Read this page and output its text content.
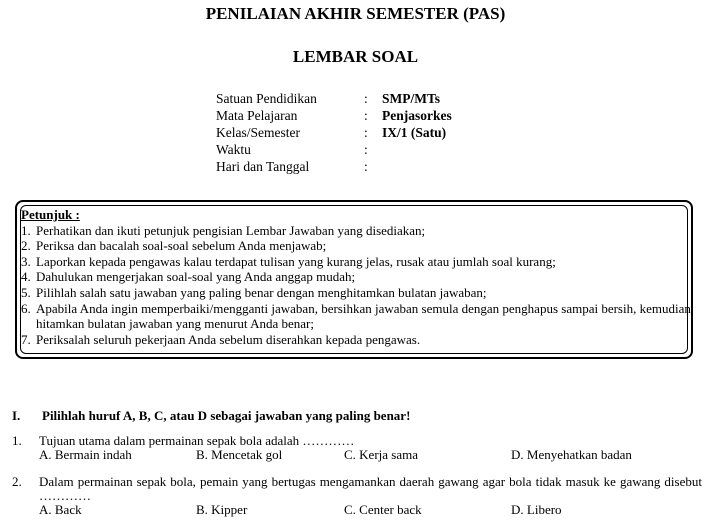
PENILAIAN AKHIR SEMESTER (PAS)
LEMBAR SOAL
Satuan Pendidikan	:	SMP/MTs
Mata Pelajaran	:	Penjasorkes
Kelas/Semester	:	IX/1 (Satu)
Waktu	:
Hari dan Tanggal	:
Petunjuk :
1. Perhatikan dan ikuti petunjuk pengisian Lembar Jawaban yang disediakan;
2. Periksa dan bacalah soal-soal sebelum Anda menjawab;
3. Laporkan kepada pengawas kalau terdapat tulisan yang kurang jelas, rusak atau jumlah soal kurang;
4. Dahulukan mengerjakan soal-soal yang Anda anggap mudah;
5. Pilihlah salah satu jawaban yang paling benar dengan menghitamkan bulatan jawaban;
6. Apabila Anda ingin memperbaiki/mengganti jawaban, bersihkan jawaban semula dengan penghapus sampai bersih, kemudian hitamkan bulatan jawaban yang menurut Anda benar;
7. Periksalah seluruh pekerjaan Anda sebelum diserahkan kepada pengawas.
I.	Pilihlah huruf A, B, C, atau D sebagai jawaban yang paling benar!
1.	Tujuan utama dalam permainan sepak bola adalah …………
A. Bermain indah	B. Mencetak gol	C. Kerja sama	D. Menyehatkan badan
2.	Dalam permainan sepak bola, pemain yang bertugas mengamankan daerah gawang agar bola tidak masuk ke gawang disebut …………
A. Back	B. Kipper	C. Center back	D. Libero
